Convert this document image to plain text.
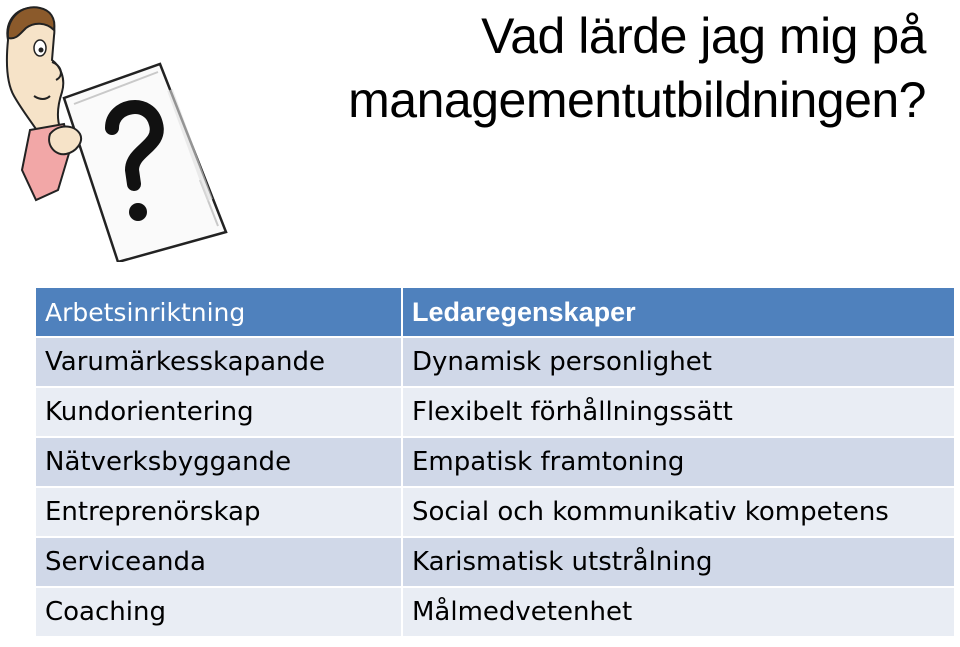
Vad lärde jag mig på
managementutbildningen?
Arbetsinriktning	Ledaregenskaper
Varumärkesskapande	Dynamisk personlighet
Kundorientering	Flexibelt förhållningssätt
Nätverksbyggande	Empatisk framtoning
Entreprenörskap	Social och kommunikativ kompetens
Serviceanda	Karismatisk utstrålning
Coaching	Målmedvetenhet
